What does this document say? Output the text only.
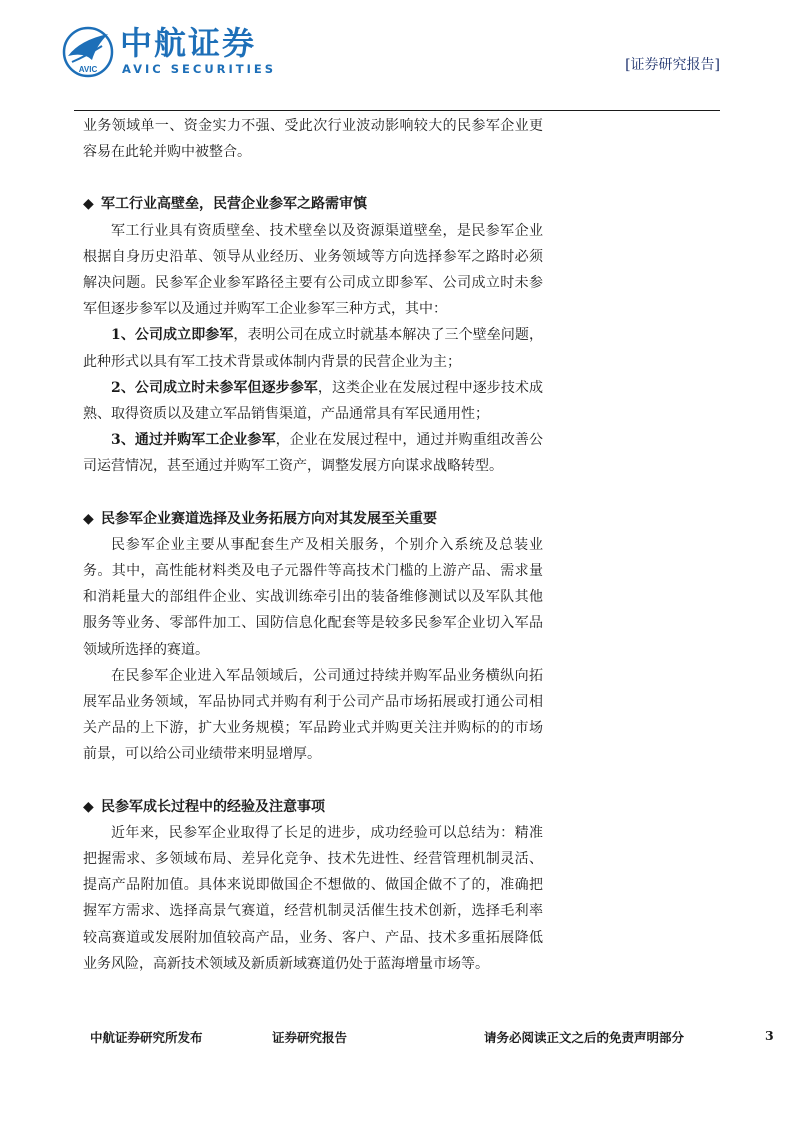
AVIC
中航证券
AVIC SECURITIES	[证券研究报告]

业务领域单一、资金实力不强、受此次行业波动影响较大的民参军企业更容易在此轮并购中被整合。

◆ 军工行业高壁垒，民营企业参军之路需审慎

军工行业具有资质壁垒、技术壁垒以及资源渠道壁垒，是民参军企业根据自身历史沿革、领导从业经历、业务领域等方向选择参军之路时必须解决问题。民参军企业参军路径主要有公司成立即参军、公司成立时未参军但逐步参军以及通过并购军工企业参军三种方式，其中：

1、公司成立即参军，表明公司在成立时就基本解决了三个壁垒问题，此种形式以具有军工技术背景或体制内背景的民营企业为主；

2、公司成立时未参军但逐步参军，这类企业在发展过程中逐步技术成熟、取得资质以及建立军品销售渠道，产品通常具有军民通用性；

3、通过并购军工企业参军，企业在发展过程中，通过并购重组改善公司运营情况，甚至通过并购军工资产，调整发展方向谋求战略转型。

◆ 民参军企业赛道选择及业务拓展方向对其发展至关重要

民参军企业主要从事配套生产及相关服务，个别介入系统及总装业务。其中，高性能材料类及电子元器件等高技术门槛的上游产品、需求量和消耗量大的部组件企业、实战训练牵引出的装备维修测试以及军队其他服务等业务、零部件加工、国防信息化配套等是较多民参军企业切入军品领域所选择的赛道。

在民参军企业进入军品领域后，公司通过持续并购军品业务横纵向拓展军品业务领域，军品协同式并购有利于公司产品市场拓展或打通公司相关产品的上下游，扩大业务规模；军品跨业式并购更关注并购标的的市场前景，可以给公司业绩带来明显增厚。

◆ 民参军成长过程中的经验及注意事项

近年来，民参军企业取得了长足的进步，成功经验可以总结为：精准把握需求、多领域布局、差异化竞争、技术先进性、经营管理机制灵活、提高产品附加值。具体来说即做国企不想做的、做国企做不了的，准确把握军方需求、选择高景气赛道，经营机制灵活催生技术创新，选择毛利率较高赛道或发展附加值较高产品，业务、客户、产品、技术多重拓展降低业务风险，高新技术领域及新质新域赛道仍处于蓝海增量市场等。

中航证券研究所发布	证券研究报告	请务必阅读正文之后的免责声明部分	3
